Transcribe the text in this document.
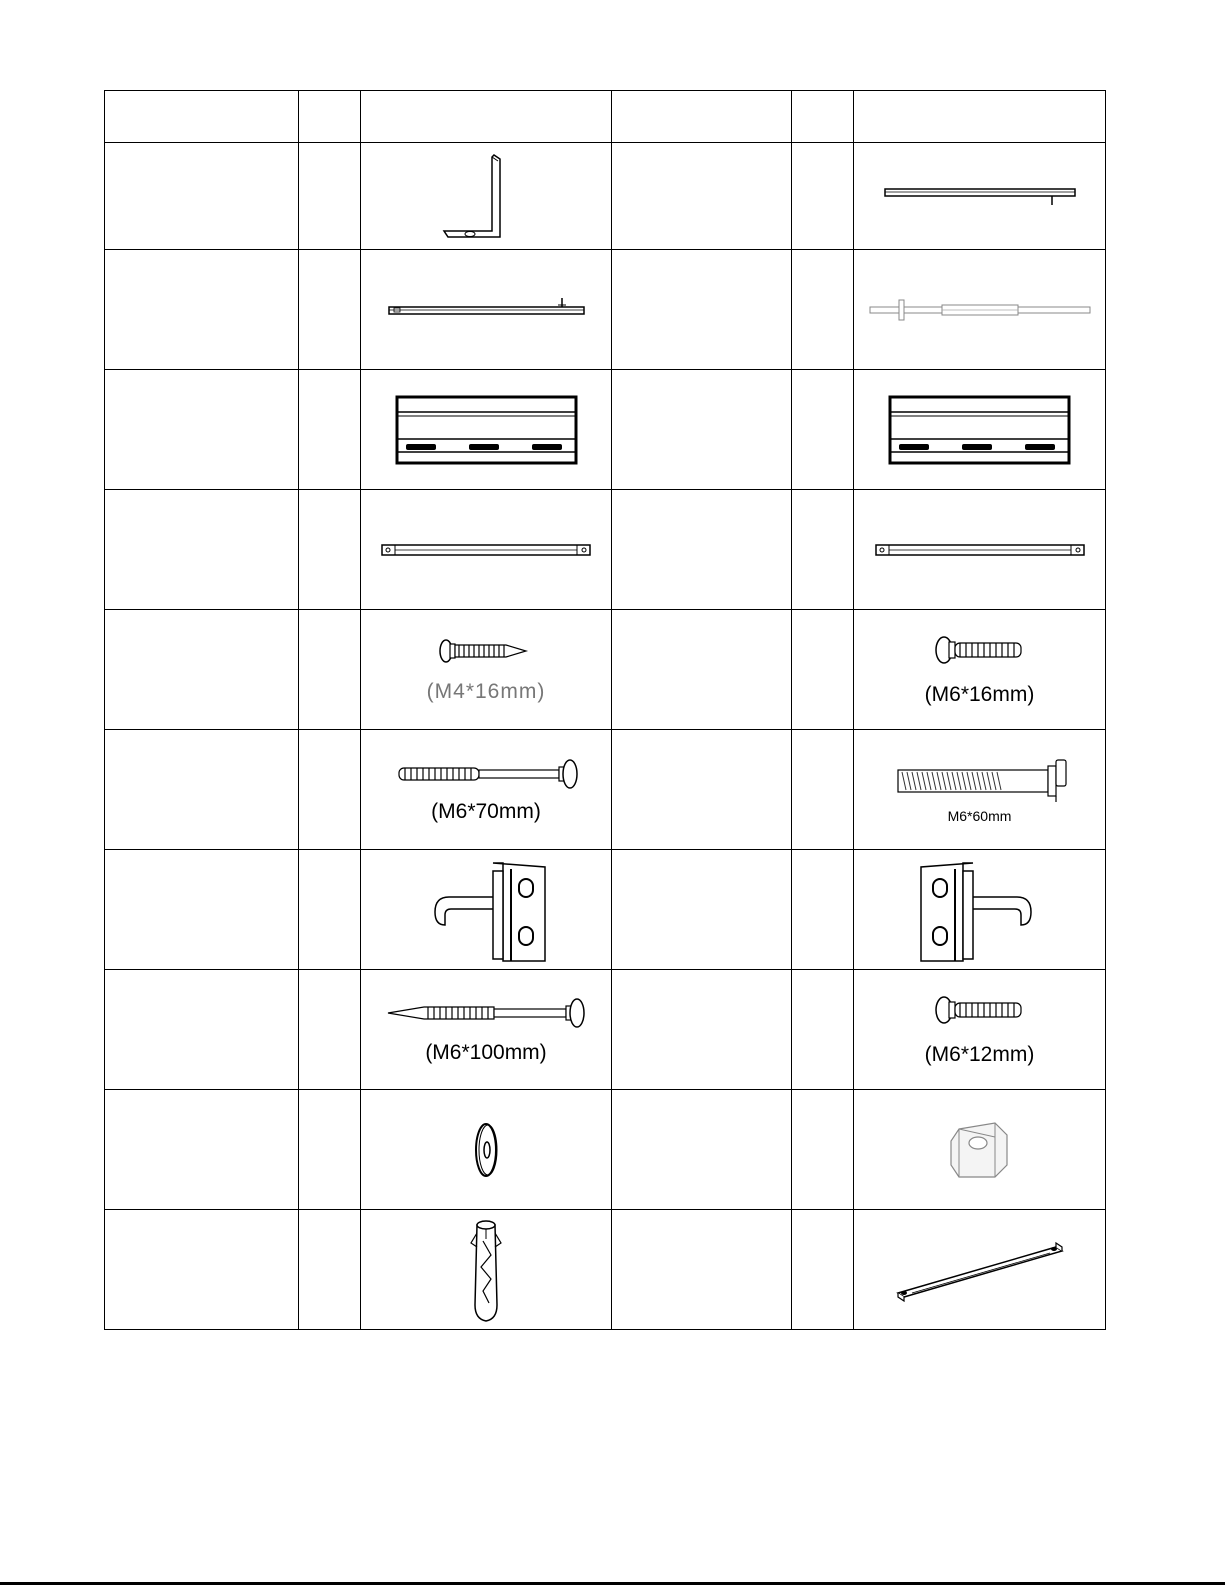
		(M4*16mm)			(M6*16mm)

		(M6*70mm)			M6*60mm

		(M6*100mm)			(M6*12mm)
